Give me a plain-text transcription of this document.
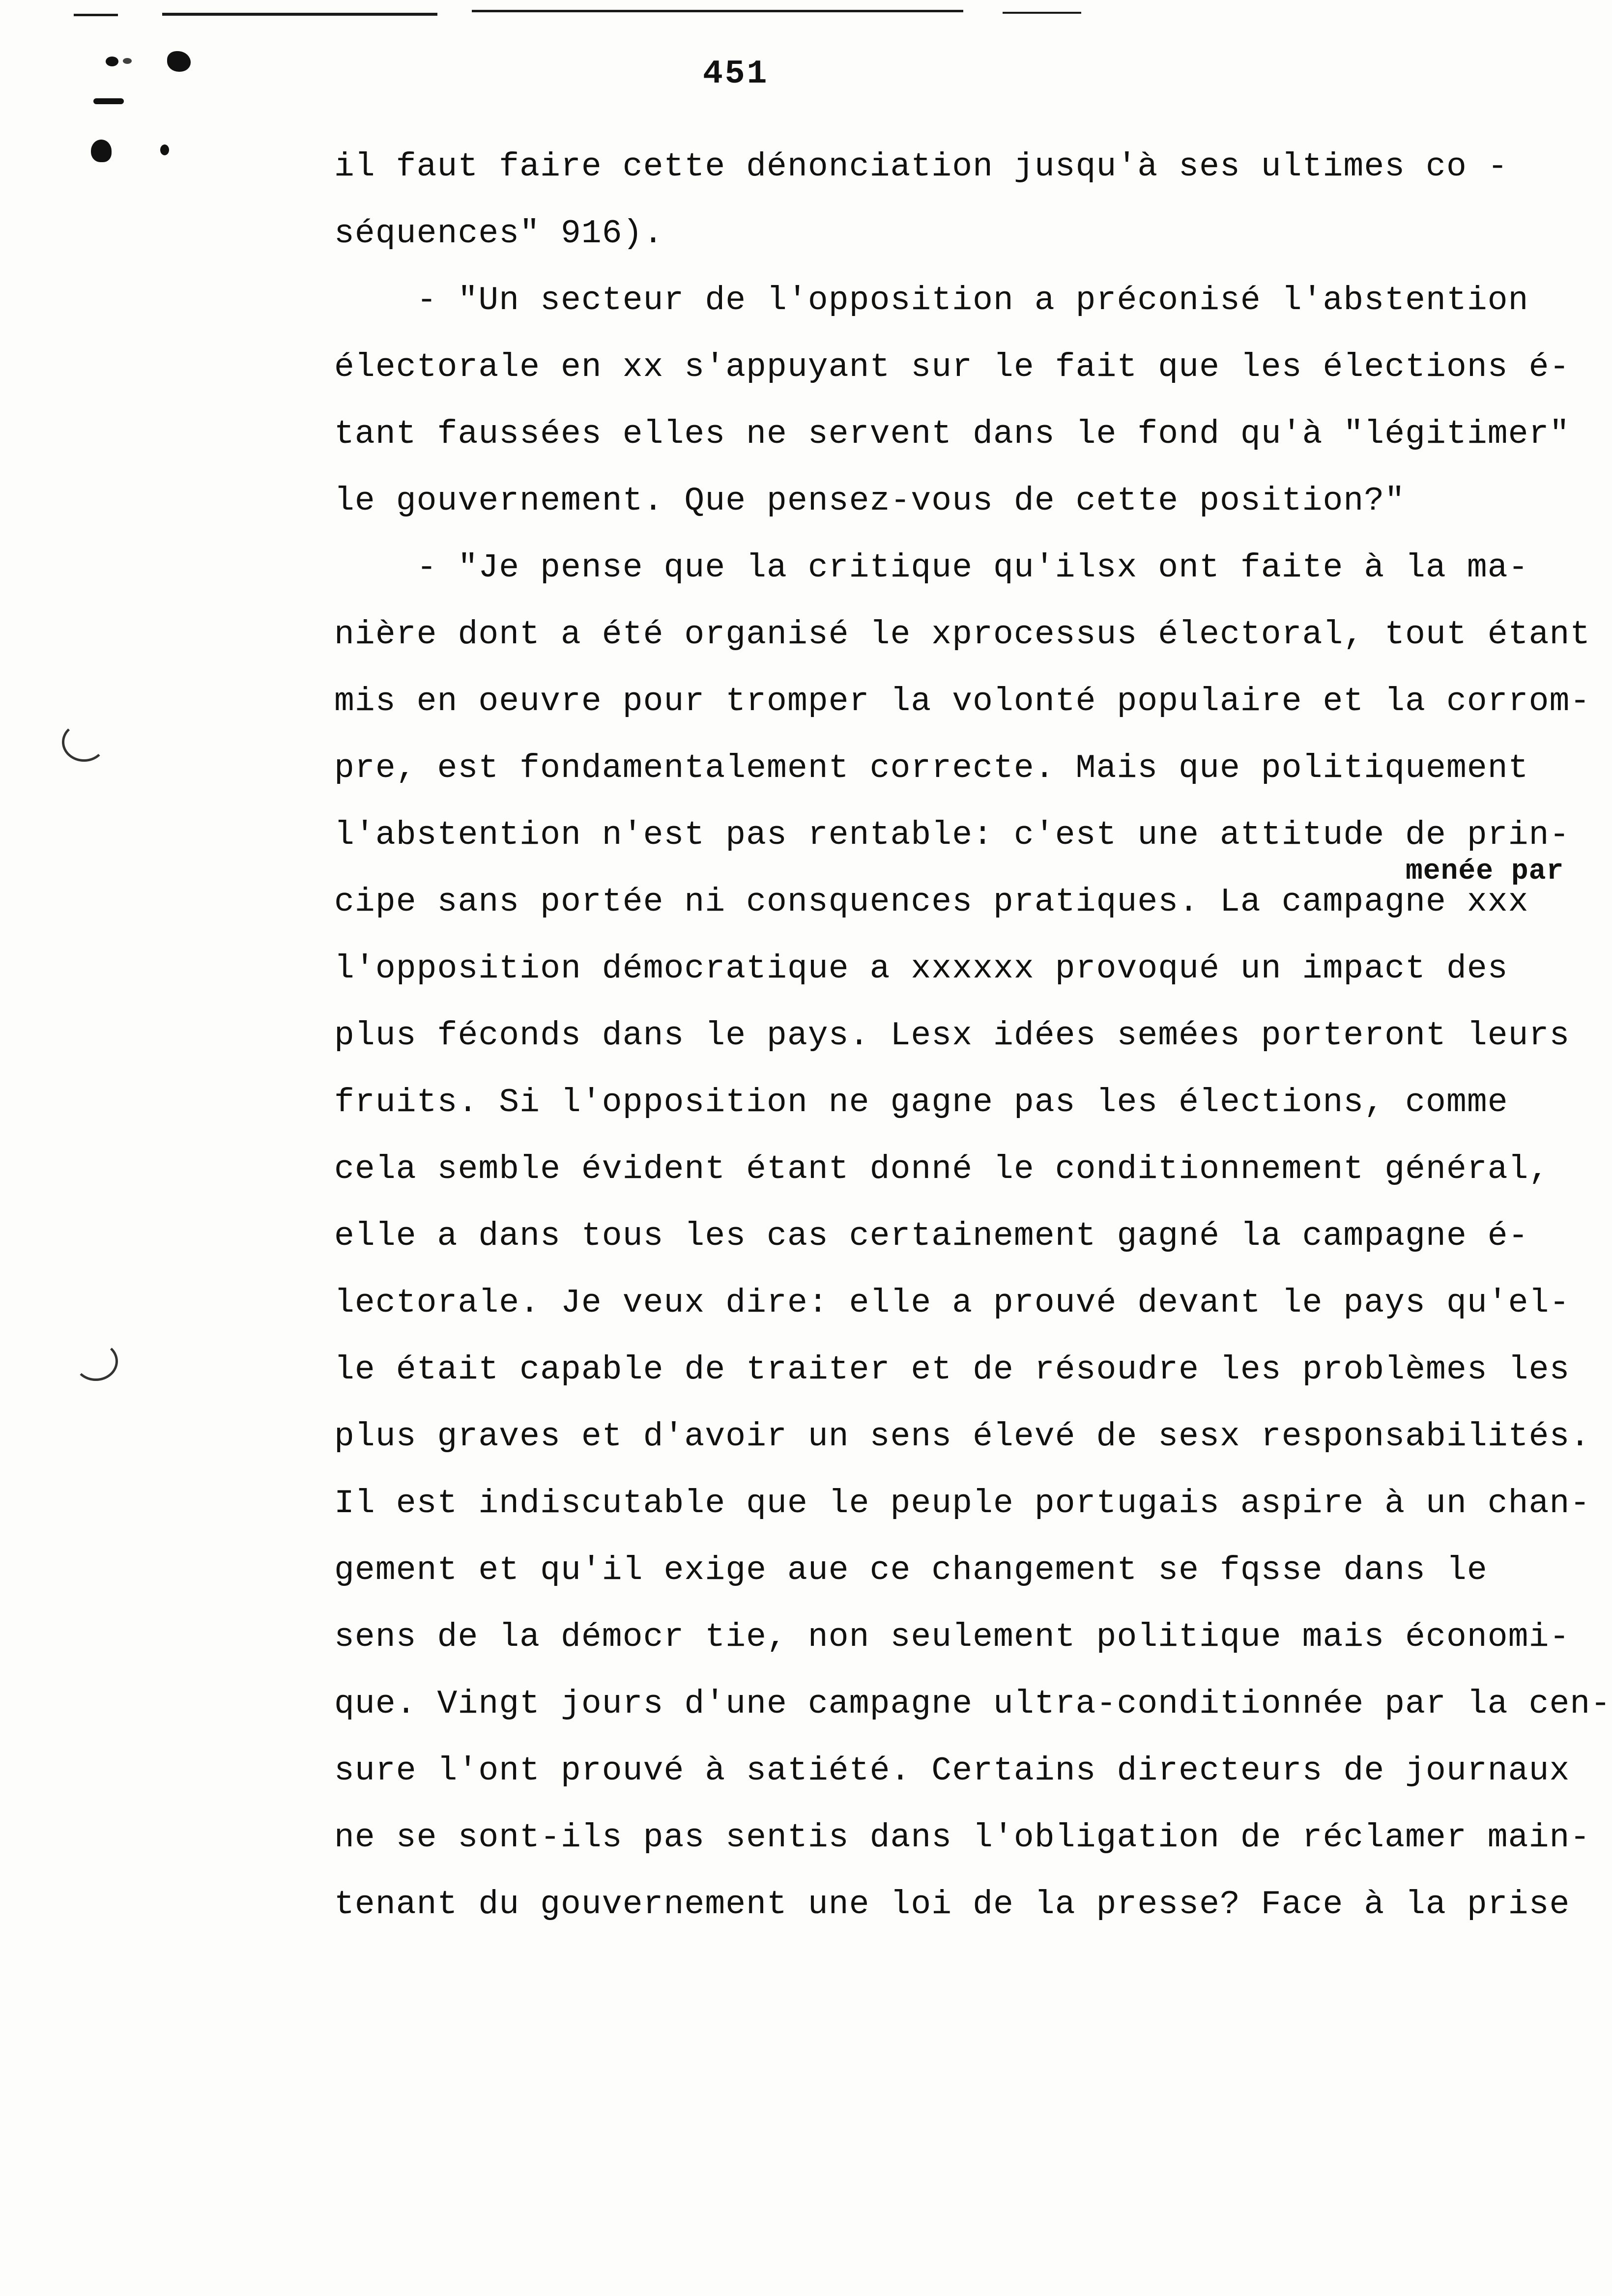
451
il faut faire cette dénonciation jusqu'à ses ultimes co -
séquences" 916).
- "Un secteur de l'opposition a préconisé l'abstention
électorale en xx s'appuyant sur le fait que les élections é-
tant faussées elles ne servent dans le fond qu'à "légitimer"
le gouvernement. Que pensez-vous de cette position?"
- "Je pense que la critique qu'ilsx ont faite à la ma-
nière dont a été organisé le xprocessus électoral, tout étant
mis en oeuvre pour tromper la volonté populaire et la corrom-
pre, est fondamentalement correcte. Mais que politiquement
l'abstention n'est pas rentable: c'est une attitude de prin-
menée par
cipe sans portée ni consquences pratiques. La campagne xxx
l'opposition démocratique a xxxxxx provoqué un impact des
plus féconds dans le pays. Lesx idées semées porteront leurs
fruits. Si l'opposition ne gagne pas les élections, comme
cela semble évident étant donné le conditionnement général,
elle a dans tous les cas certainement gagné la campagne é-
lectorale. Je veux dire: elle a prouvé devant le pays qu'el-
le était capable de traiter et de résoudre les problèmes les
plus graves et d'avoir un sens élevé de sesx responsabilités.
Il est indiscutable que le peuple portugais aspire à un chan-
gement et qu'il exige aue ce changement se fqsse dans le
sens de la démocr tie, non seulement politique mais économi-
que. Vingt jours d'une campagne ultra-conditionnée par la cen-
sure l'ont prouvé à satiété. Certains directeurs de journaux
ne se sont-ils pas sentis dans l'obligation de réclamer main-
tenant du gouvernement une loi de la presse? Face à la prise
